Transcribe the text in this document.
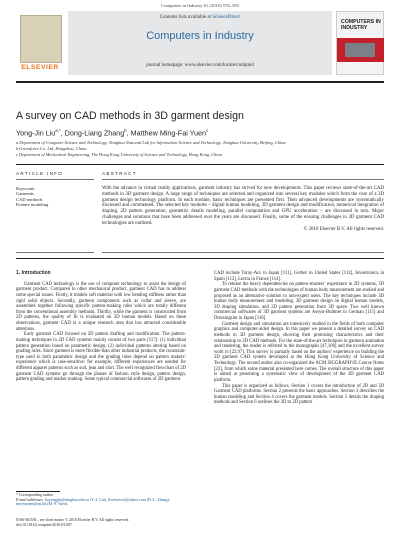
Computers in Industry 61 (2010) 576–593
ELSEVIER
Contents lists available at ScienceDirect
Computers in Industry
journal homepage: www.elsevier.com/locate/compind
COMPUTERS IN INDUSTRY
A survey on CAD methods in 3D garment design
Yong-Jin Liu$^{a,*}$, Dong-Liang Zhang$^b$, Matthew Ming-Fai Yuen$^c$
a Department of Computer Science and Technology, Tsinghua National Lab for Information Science and Technology, Tsinghua University, Beijing, China
b Greenforce Co. Ltd, Hangzhou, China
c Department of Mechanical Engineering, The Hong Kong University of Science and Technology, Hong Kong, China
ARTICLE INFO	ABSTRACT
Keywords:
Garments
CAD methods
Feature modeling
With the advance in virtual reality applications, garment industry has strived for new developments. This paper reviews state-of-the-art CAD methods in 3D garment design. A large range of techniques are selected and organized into several key modules which form the core of a 3D garment design technology platform. In each module, basic techniques are presented first. Then advanced developments are systematically discussed and commented. The selected key modules – digital human modeling, 3D garment design and modification, numerical integration of draping, 2D pattern generation, geometric details modeling, parallel computation and GPU acceleration – are discussed in turn. Major challenges and solutions that have been addressed over the years are discussed. Finally, some of the ensuing challenges in 3D garment CAD technologies are outlined.
© 2010 Elsevier B.V. All rights reserved.

1. Introduction

Garment CAD technology is the use of computer technology to assist the design of garment product. Compared to other mechanical product, garment CAD has to address some special issues. Firstly, it models soft material with low bending stiffness rather than rigid solid objects. Secondly, garment components such as collar and sleeve, are assembled together following specific pattern-making rules which are totally different from the conventional assembly methods. Thirdly, while the garment is constructed from 2D patterns, the quality of fit is evaluated on 3D human models. Based on these observations, garment CAD is a unique research area that has attracted considerable attentions.

Early garment CAD focused on 2D pattern drafting and modification. The pattern-making techniques in 2D CAD systems mainly consist of two parts [117]: (1) individual pattern generation based on parametric design; (2) individual patterns altering based on grading rules. Since garment is more flexible than other industrial products, the constraint-type used in both parametric design and the grading rules depend on pattern makers’ experience which is case-sensitive: for example, different experiences are needed for different apparel patterns such as suit, jean and shirt. The well recognized flowchart of 2D garment CAD systems go through the phases of fashion style design, pattern design, pattern grading and marker making. Some typical commercial softwares of 2D garment

CAD include Toray-Acs in Japan [111], Gerber in United States [112], Investronica in Spain [113], Lectra in France [114].

To release the heavy dependencies on pattern-masters’ experience in 2D systems, 3D garment CAD methods with the technologies of human body measurement are studied and proposed as an alternative solution to non-expert users. The key techniques include 3D human body measurement and modeling, 3D garment design on digital human models, 3D draping simulation, and 2D pattern generation from 3D space. Two well known commercial softwares of 3D garment systems are Assyst-Bullmer in German [115] and Dressingsim in Japan [116].

Garment design and simulation are intensively studied in the fields of both computer graphics and computer-aided design. In this paper we present a detailed survey on CAD methods in 3D garment design, showing their promising characteristics and their relationship to 2D CAD methods. For the state-of-the-art techniques in garment animation and rendering, the reader is referred to the monographs [47,100] and the excellent survey work in [22,97]. This survey is partially based on the authors’ experience on building the 3D garment CAD system developed at the Hong Kong University of Science and Technology. The second author also co-organized the ACM SIGGRAPH’05 Course Notes [22], from which some material presented here comes. The overall structure of this paper is aimed at presenting a systematic view of development of the 3D garment CAD platform.

This paper is organized as follows. Section 1 covers the introduction of 2D and 3D Garment CAD platforms. Section 2 presents the basic approaches. Section 3 describes the human modeling and Section 4 covers the garment models. Section 5 details the draping methods and Section 6 outlines the 3D to 2D pattern

* Corresponding author.
E-mail addresses: liuyongjin@tsinghua.edu.cn (Y.-J. Liu), liveforever@yahoo.com (D.-L. Zhang), meymyuen@ust.hk (M.-F. Yuen).
0166-3615/$ – see front matter © 2010 Elsevier B.V. All rights reserved.
doi:10.1016/j.compind.2010.03.007
